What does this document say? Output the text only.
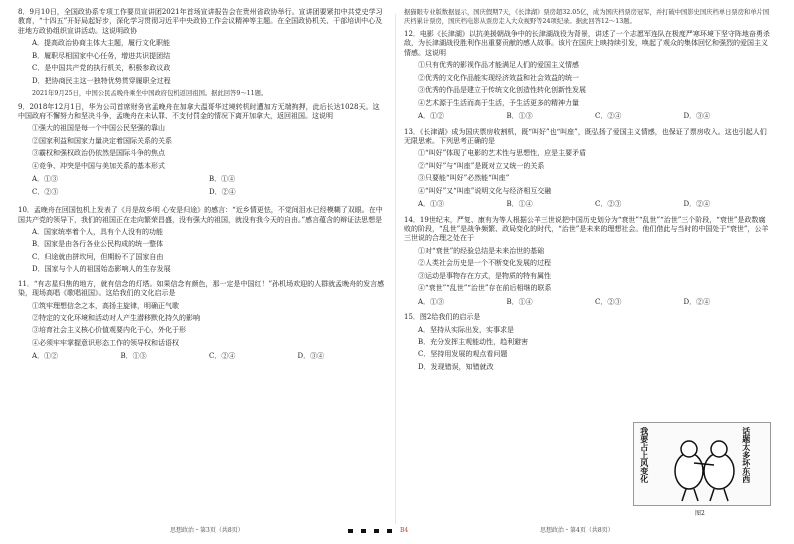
8．9月10日，全国政协系专项工作要员宣讲团2021年首场宣讲报告会在贵州省政协举行。宣讲团要紧扣中共党史学习教育，“十四五”开好局起好步，深化学习贯彻习近平中央政协工作会议精神等主题。在全国政协机关、干部培训中心及驻地方政协组织宣讲活动。这说明政协

A．提高政治协商主体大主题，履行文化职能

B．履职尽相国家中心任务，增进共识提团结

C．是中国共产党的执行机关，积极参政议政

D．把协商民主这一独特优势贯穿履职全过程

2021年9月25日，中国公民孟晚舟乘坐中国政府包机返回祖国。据此回答9～11题。

9．2018年12月1日，华为公司首席财务官孟晚舟在加拿大温哥华过境转机时遭加方无端拘押，此后长达1028天。这中国政府不懈努力和坚决斗争，孟晚舟在未认罪、不支付罚金的情况下离开加拿大，返回祖国。这说明

①强大的祖国是每一个中国公民坚强的靠山

②国家利益和国家力量决定着国际关系的关系

③霸权和强权政治仍依然是国际斗争的焦点

④竞争、冲突是中国与美加关系的基本形式

A．①③	B．①④
C．②③	D．②④

10．孟晚舟在回国包机上发表了《月是故乡明 心安是归途》的感言：“近乡情更怯，不觉间泪水已经模糊了双眼。在中国共产党的领导下，我们的祖国正在走向繁荣昌盛，没有强大的祖国，就没有我今天的自由。”感言蕴含的辩证法思想是

A．国家统率着个人，具有个人没有的功能

B．国家是由各行各业公民构成的统一整体

C．归途就由拼坎坷，但期盼不了国家自由

D．国家与个人的祖国始态影响人的生存发展

11．“有志星归焦的地方，就有信念的灯塔。如果信念有颜色，那一定是中国红！”孙机场欢迎的人群就孟晚舟的发言感染，现场高唱《歌唱祖国》。这给我们的文化启示是

①筑牢理想信念之本，高扬主旋律，明确正气歌

②特定的文化环境和活动对人产生潜移默化持久的影响

③培育社会主义核心价值观要内化于心，外化于形

④必须牢牢掌握意识形态工作的领导权和话语权

A．①②	B．①③	C．②④	D．③④

据猫眼专业版数据显示，国庆假期7天，《长津湖》票房超32.05亿，成为国庆档票房冠军，并打破中国影史国庆档单日票房和单片国庆档累计票房，国庆档电影从票房走入大众视野等24项纪录。据此回答12～13题。

12．电影《长津湖》以抗美援朝战争中的长津湖战役为背景，讲述了一个志愿军连队在极度严寒环境下坚守阵地奋勇杀敌，为长津湖战役胜利作出重要贡献的感人故事。该片在国庆上映持续引发，唤起了观众的集体回忆和强烈的爱国主义情感。这说明

①只有优秀的影视作品才能满足人们的爱国主义情感

②优秀的文化作品能实现经济效益和社会效益的统一

③优秀的作品是建立于传统文化创造性转化创新性发展

④艺术源于生活而高于生活，予生活更多的精神力量

A．①②	B．①③	C．②④	D．③④

13．《长津湖》成为国庆票房收割机，既“叫好”也“叫座”，既弘扬了爱国主义情感，也保证了票房收入。这也引起人们无限思索。下列思考正确的是

①“叫好”体现了电影的艺术性与思想性，应是主要矛盾

②“叫好”与“叫座”是既对立又统一的关系

③只要能“叫好”必然能“叫座”

④“叫好”又“叫座”说明文化与经济相互交融

A．①③	B．①④	C．②③	D．②④

14．19世纪末，严复、康有为等人根据公羊三世说把中国历史划分为“衰世”“乱世”“治世”三个阶段，“衰世”是政数腐败的阶段，“乱世”是战争频繁、政局变化的时代，“治世”是未来的理想社会。他们借此与当时的中国处于“衰世”，公羊三世说的合理之处在于

①对“衰世”的经验总结是未来治世的基础

②人类社会历史是一个不断变化发展的过程

③运动是事物存在方式，是物质的特有属性

④“衰世”“乱世”“治世”存在前后相继的联系

A．①③	B．①④	C．②③	D．②④

15．图2给我们的启示是

A．坚持从实际出发，实事求是

B．充分发挥主观能动性，趋利避害

C．坚持用发展的观点看问题

D．发现错误，知错就改

我要占上风变化	话题太多坏东西
图2
思想政治・第3页（共8页）	B4	思想政治・第4页（共8页）
